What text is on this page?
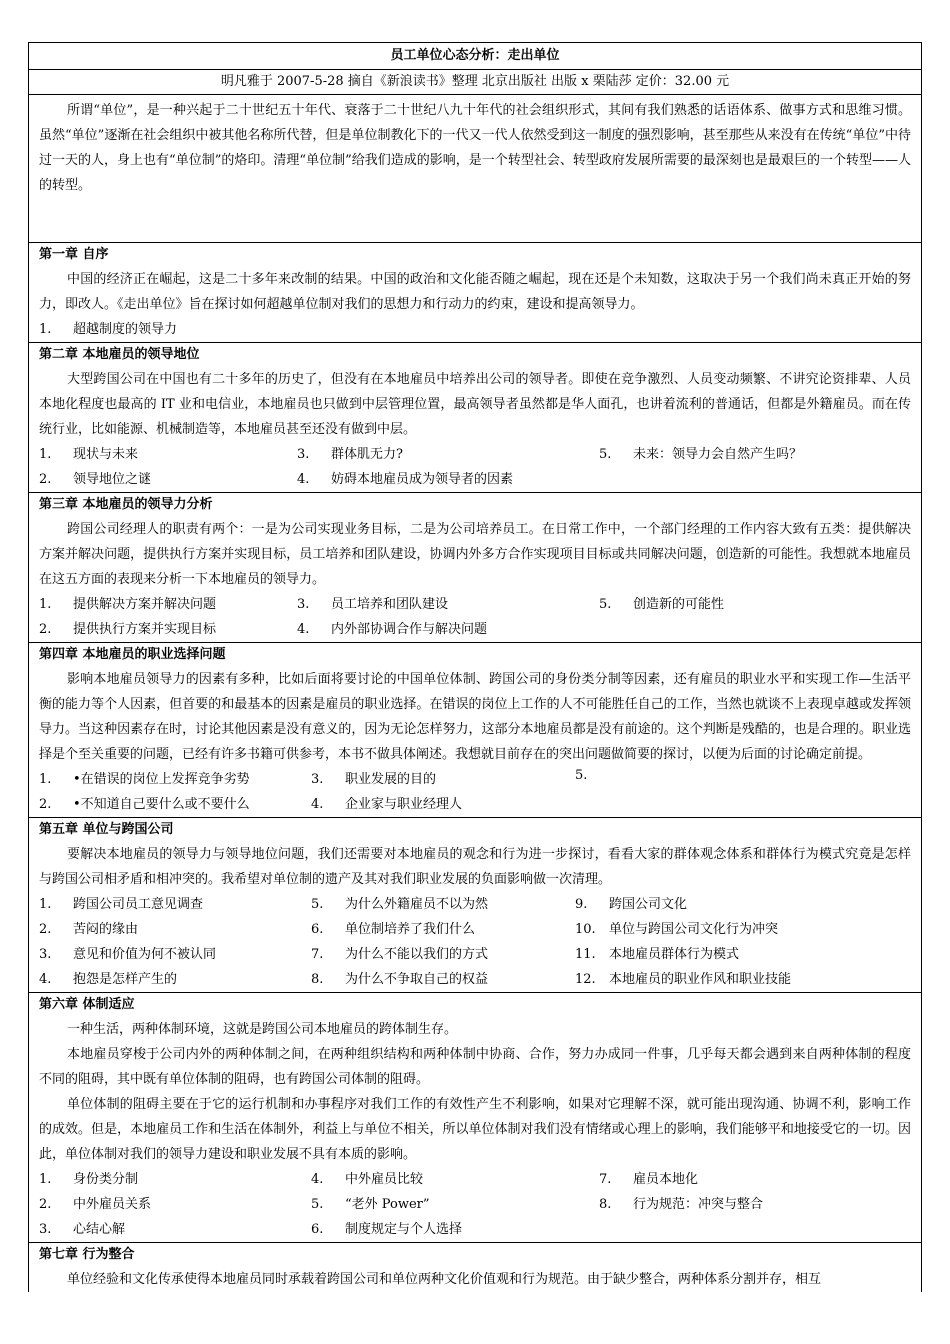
员工单位心态分析：走出单位
明凡雅于 2007-5-28 摘自《新浪读书》整理 北京出版社 出版 x 栗陆莎 定价：32.00 元

所谓“单位”，是一种兴起于二十世纪五十年代、衰落于二十世纪八九十年代的社会组织形式，其间有我们熟悉的话语体系、做事方式和思维习惯。虽然“单位”逐渐在社会组织中被其他名称所代替，但是单位制教化下的一代又一代人依然受到这一制度的强烈影响，甚至那些从来没有在传统“单位”中待过一天的人，身上也有“单位制”的烙印。清理“单位制”给我们造成的影响，是一个转型社会、转型政府发展所需要的最深刻也是最艰巨的一个转型——人的转型。

第一章 自序

中国的经济正在崛起，这是二十多年来改制的结果。中国的政治和文化能否随之崛起，现在还是个未知数，这取决于另一个我们尚未真正开始的努力，即改人。《走出单位》旨在探讨如何超越单位制对我们的思想力和行动力的约束，建设和提高领导力。

1. 超越制度的领导力
第二章 本地雇员的领导地位

大型跨国公司在中国也有二十多年的历史了，但没有在本地雇员中培养出公司的领导者。即使在竞争激烈、人员变动频繁、不讲究论资排辈、人员本地化程度也最高的 IT 业和电信业，本地雇员也只做到中层管理位置，最高领导者虽然都是华人面孔，也讲着流利的普通话，但都是外籍雇员。而在传统行业，比如能源、机械制造等，本地雇员甚至还没有做到中层。

1. 现状与未来	3. 群体肌无力?	5. 未来：领导力会自然产生吗？
2. 领导地位之谜	4. 妨碍本地雇员成为领导者的因素
第三章 本地雇员的领导力分析

跨国公司经理人的职责有两个：一是为公司实现业务目标，二是为公司培养员工。在日常工作中，一个部门经理的工作内容大致有五类：提供解决方案并解决问题，提供执行方案并实现目标，员工培养和团队建设，协调内外多方合作实现项目目标或共同解决问题，创造新的可能性。我想就本地雇员在这五方面的表现来分析一下本地雇员的领导力。

1. 提供解决方案并解决问题	3. 员工培养和团队建设	5. 创造新的可能性
2. 提供执行方案并实现目标	4. 内外部协调合作与解决问题
第四章 本地雇员的职业选择问题

影响本地雇员领导力的因素有多种，比如后面将要讨论的中国单位体制、跨国公司的身份类分制等因素，还有雇员的职业水平和实现工作—生活平衡的能力等个人因素，但首要的和最基本的因素是雇员的职业选择。在错误的岗位上工作的人不可能胜任自己的工作，当然也就谈不上表现卓越或发挥领导力。当这种因素存在时，讨论其他因素是没有意义的，因为无论怎样努力，这部分本地雇员都是没有前途的。这个判断是残酷的，也是合理的。职业选择是个至关重要的问题，已经有许多书籍可供参考，本书不做具体阐述。我想就目前存在的突出问题做简要的探讨，以便为后面的讨论确定前提。

1. •在错误的岗位上发挥竞争劣势	3. 职业发展的目的	5.
2. •不知道自己要什么或不要什么	4. 企业家与职业经理人
第五章 单位与跨国公司

要解决本地雇员的领导力与领导地位问题，我们还需要对本地雇员的观念和行为进一步探讨，看看大家的群体观念体系和群体行为模式究竟是怎样与跨国公司相矛盾和相冲突的。我希望对单位制的遗产及其对我们职业发展的负面影响做一次清理。

1. 跨国公司员工意见调查	5. 为什么外籍雇员不以为然	9. 跨国公司文化
2. 苦闷的缘由	6. 单位制培养了我们什么	10. 单位与跨国公司文化行为冲突
3. 意见和价值为何不被认同	7. 为什么不能以我们的方式	11. 本地雇员群体行为模式
4. 抱怨是怎样产生的	8. 为什么不争取自己的权益	12. 本地雇员的职业作风和职业技能
第六章 体制适应

一种生活，两种体制环境，这就是跨国公司本地雇员的跨体制生存。

本地雇员穿梭于公司内外的两种体制之间，在两种组织结构和两种体制中协商、合作，努力办成同一件事，几乎每天都会遇到来自两种体制的程度不同的阻碍，其中既有单位体制的阻碍，也有跨国公司体制的阻碍。

单位体制的阻碍主要在于它的运行机制和办事程序对我们工作的有效性产生不利影响，如果对它理解不深，就可能出现沟通、协调不利，影响工作的成效。但是，本地雇员工作和生活在体制外，利益上与单位不相关，所以单位体制对我们没有情绪或心理上的影响，我们能够平和地接受它的一切。因此，单位体制对我们的领导力建设和职业发展不具有本质的影响。

1. 身份类分制	4. 中外雇员比较	7. 雇员本地化
2. 中外雇员关系	5. “老外 Power”	8. 行为规范：冲突与整合
3. 心结心解	6. 制度规定与个人选择
第七章 行为整合

单位经验和文化传承使得本地雇员同时承载着跨国公司和单位两种文化价值观和行为规范。由于缺少整合，两种体系分割并存，相互
